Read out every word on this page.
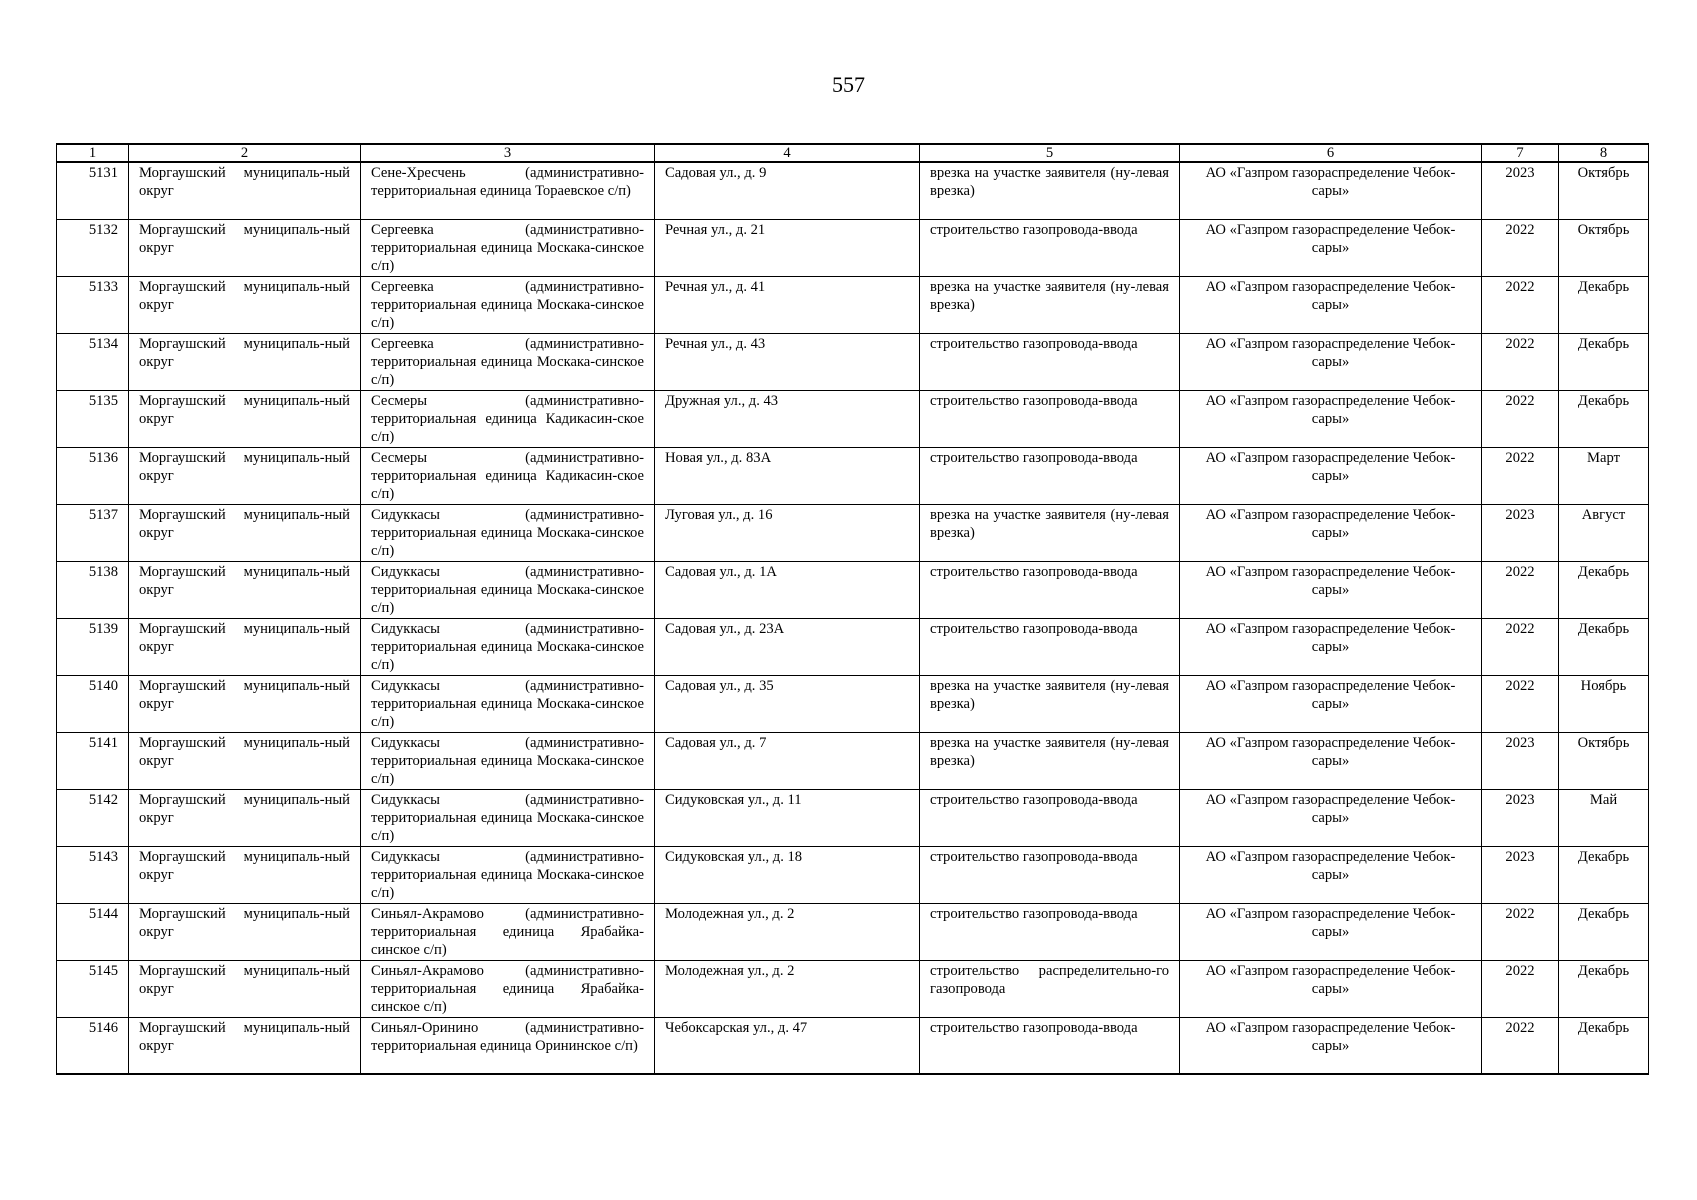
557
1	2	3	4	5	6	7	8
5131	Моргаушский муниципаль-ный округ	Сене-Хресчень (административно-территориальная единица Тораевское с/п)	Садовая ул., д. 9	врезка на участке заявителя (ну-левая врезка)	АО «Газпром газораспределение Чебок-сары»	2023	Октябрь
5132	Моргаушский муниципаль-ный округ	Сергеевка (административно-территориальная единица Москака-синское с/п)	Речная ул., д. 21	строительство газопровода-ввода	АО «Газпром газораспределение Чебок-сары»	2022	Октябрь
5133	Моргаушский муниципаль-ный округ	Сергеевка (административно-территориальная единица Москака-синское с/п)	Речная ул., д. 41	врезка на участке заявителя (ну-левая врезка)	АО «Газпром газораспределение Чебок-сары»	2022	Декабрь
5134	Моргаушский муниципаль-ный округ	Сергеевка (административно-территориальная единица Москака-синское с/п)	Речная ул., д. 43	строительство газопровода-ввода	АО «Газпром газораспределение Чебок-сары»	2022	Декабрь
5135	Моргаушский муниципаль-ный округ	Сесмеры (административно-территориальная единица Кадикасин-ское с/п)	Дружная ул., д. 43	строительство газопровода-ввода	АО «Газпром газораспределение Чебок-сары»	2022	Декабрь
5136	Моргаушский муниципаль-ный округ	Сесмеры (административно-территориальная единица Кадикасин-ское с/п)	Новая ул., д. 83А	строительство газопровода-ввода	АО «Газпром газораспределение Чебок-сары»	2022	Март
5137	Моргаушский муниципаль-ный округ	Сидуккасы (административно-территориальная единица Москака-синское с/п)	Луговая ул., д. 16	врезка на участке заявителя (ну-левая врезка)	АО «Газпром газораспределение Чебок-сары»	2023	Август
5138	Моргаушский муниципаль-ный округ	Сидуккасы (административно-территориальная единица Москака-синское с/п)	Садовая ул., д. 1А	строительство газопровода-ввода	АО «Газпром газораспределение Чебок-сары»	2022	Декабрь
5139	Моргаушский муниципаль-ный округ	Сидуккасы (административно-территориальная единица Москака-синское с/п)	Садовая ул., д. 23А	строительство газопровода-ввода	АО «Газпром газораспределение Чебок-сары»	2022	Декабрь
5140	Моргаушский муниципаль-ный округ	Сидуккасы (административно-территориальная единица Москака-синское с/п)	Садовая ул., д. 35	врезка на участке заявителя (ну-левая врезка)	АО «Газпром газораспределение Чебок-сары»	2022	Ноябрь
5141	Моргаушский муниципаль-ный округ	Сидуккасы (административно-территориальная единица Москака-синское с/п)	Садовая ул., д. 7	врезка на участке заявителя (ну-левая врезка)	АО «Газпром газораспределение Чебок-сары»	2023	Октябрь
5142	Моргаушский муниципаль-ный округ	Сидуккасы (административно-территориальная единица Москака-синское с/п)	Сидуковская ул., д. 11	строительство газопровода-ввода	АО «Газпром газораспределение Чебок-сары»	2023	Май
5143	Моргаушский муниципаль-ный округ	Сидуккасы (административно-территориальная единица Москака-синское с/п)	Сидуковская ул., д. 18	строительство газопровода-ввода	АО «Газпром газораспределение Чебок-сары»	2023	Декабрь
5144	Моргаушский муниципаль-ный округ	Синьял-Акрамово (административно-территориальная единица Ярабайка-синское с/п)	Молодежная ул., д. 2	строительство газопровода-ввода	АО «Газпром газораспределение Чебок-сары»	2022	Декабрь
5145	Моргаушский муниципаль-ный округ	Синьял-Акрамово (административно-территориальная единица Ярабайка-синское с/п)	Молодежная ул., д. 2	строительство распределительно-го газопровода	АО «Газпром газораспределение Чебок-сары»	2022	Декабрь
5146	Моргаушский муниципаль-ный округ	Синьял-Оринино (административно-территориальная единица Орининское с/п)	Чебоксарская ул., д. 47	строительство газопровода-ввода	АО «Газпром газораспределение Чебок-сары»	2022	Декабрь
